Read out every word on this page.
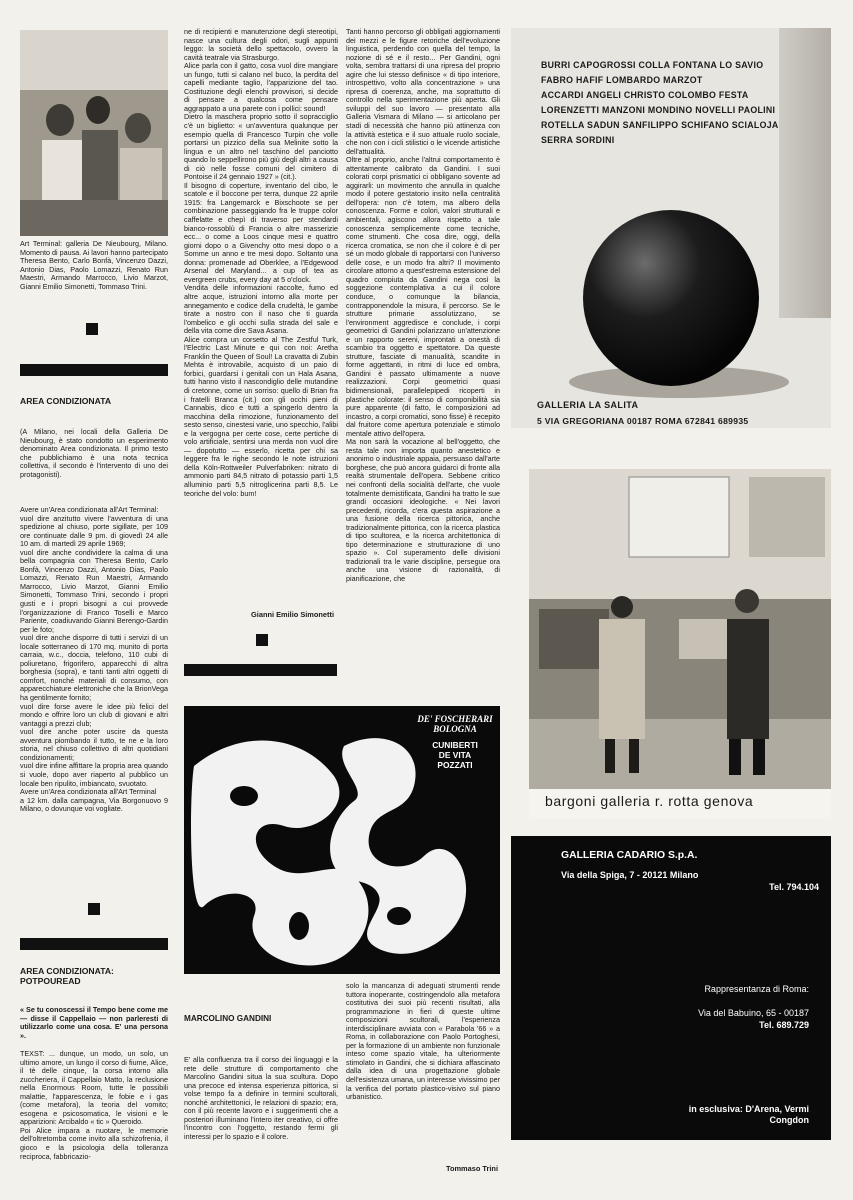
Art Terminal: galleria De Nieubourg, Milano. Momento di pausa. Ai lavori hanno partecipato Theresa Bento, Carlo Bonfà, Vincenzo Dazzi, Antonio Dias, Paolo Lomazzi, Renato Run Maestri, Armando Marrocco, Livio Marzot, Gianni Emilio Simonetti, Tommaso Trini.
AREA CONDIZIONATA
(A Milano, nei locali della Galleria De Nieubourg, è stato condotto un esperimento denominato Area condizionata. Il primo testo che pubblichiamo è una nota tecnica collettiva, il secondo è l'intervento di uno dei protagonisti).
Avere un'Area condizionata all'Art Terminal:
vuol dire anzitutto vivere l'avventura di una spedizione al chiuso, porte sigillate, per 109 ore continuate dalle 9 pm. di giovedì 24 alle 10 am. di martedì 29 aprile 1969;
vuol dire anche condividere la calma di una bella compagnia con Theresa Bento, Carlo Bonfà, Vincenzo Dazzi, Antonio Dias, Paolo Lomazzi, Renato Run Maestri, Armando Marrocco, Livio Marzot, Gianni Emilio Simonetti, Tommaso Trini, secondo i propri gusti e i propri bisogni a cui provvede l'organizzazione di Franco Toselli e Marco Pariente, coadiuvando Gianni Berengo-Gardin per le foto;
vuol dire anche disporre di tutti i servizi di un locale sotterraneo di 170 mq. munito di porta carraia, w.c., doccia, telefono, 110 cubi di poliuretano, frigorifero, apparecchi di altra borghesia (sopra), e tanti tanti altri oggetti di comfort, nonché materiali di consumo, con apparecchiature elettroniche che la BrionVega ha gentilmente fornito;
vuol dire forse avere le idee più felici del mondo e offrire loro un club di giovani e altri vantaggi a prezzi club;
vuol dire anche poter uscire da questa avventura piombando il tutto, te ne e la loro storia, nel chiuso collettivo di altri quotidiani condizionamenti;
vuol dire infine affittare la propria area quando si vuole, dopo aver riaperto al pubblico un locale ben ripulito, imbiancato, svuotato.
Avere un'Area condizionata all'Art Terminal
a 12 km. dalla campagna, Via Borgonuovo 9 Milano, o dovunque voi vogliate.
AREA CONDIZIONATA: POTPOUREAD
« Se tu conoscessi il Tempo bene come me — disse il Cappellaio — non parleresti di utilizzarlo come una cosa. E' una persona ».
TEXST: ... dunque, un modo, un solo, un ultimo amore, un lungo il corso di fiume, Alice, il tè delle cinque, la corsa intorno alla zuccheriera, il Cappellaio Matto, la reclusione nella Enormous Room, tutte le possibili malattie, l'apparescenza, le fobie e i gas (come metafora), la teoria del vomito; esogena e psicosomatica, le visioni e le apparizioni: Arcibaldo « tic » Queroido.
Poi Alice impara a nuotare, le memorie dell'oltretomba come invito alla schizofrenia, il gioco e la psicologia della tolleranza reciproca, fabbricazio-
ne di recipienti e manutenzione degli stereotipi, nasce una cultura degli odori, sugli appunti leggo: la società dello spettacolo, ovvero la cavità teatrale via Strasburgo.
Alice parla con il gatto, cosa vuol dire mangiare un fungo, tutti si calano nel buco, la perdita del capelli mediante taglio, l'apparizione del tao. Costituzione degli elenchi provvisori, si decide di pensare a qualcosa come pensare aggrappato a una parete con i pollici: sound!
Dietro la maschera proprio sotto il sopracciglio c'è un biglietto: « un'avventura qualunque per esempio quella di Francesco Turpin che volle portarsi un pizzico della sua Melinite sotto la lingua e un altro nel taschino del panciotto quando lo seppellirono più giù degli altri a causa di ciò nelle fosse comuni del cimitero di Pontoise il 24 gennaio 1927 » (cit.).
Il bisogno di coperture, inventario del cibo, le scatole e il boccone per terra, dunque 22 aprile 1915: fra Langemarck e Bixschoote se per combinazione passeggiando fra le truppe color caffelatte e chepì di traverso per stendardi bianco-rossoblù di Francia o altre masserizie ecc... o come a Loos cinque mesi e quattro giorni dopo o a Givenchy otto mesi dopo o a Somme un anno e tre mesi dopo. Soltanto una donna: promenade ad Oberklee, a l'Edgewood Arsenal del Maryland... a cup of tea as evergreen crubs, every day at 5 o'clock.
Vendita delle informazioni raccolte, fumo ed altre acque, istruzioni intorno alla morte per annegamento e codice della crudeltà, le gambe tirate a nostro con il naso che ti guarda l'ombelico e gli occhi sulla strada del sale e della vita come dire Sava Asana.
Alice compra un corsetto al The Zestful Turk, l'Electric Last Minute e qui con noi: Aretha Franklin the Queen of Soul! La cravatta di Zubin Mehta è introvabile, acquisto di un paio di forbici, guardarsi i genitali con un Hala Asana, tutti hanno visto il nascondiglio delle mutandine di cretonne, come un sorriso: quello di Brian fra i fratelli Branca (cit.) con gli occhi pieni di Cannabis, dico e tutti a spingerlo dentro la macchina della rimozione, funzionamento del sesto senso, cinestesi varie, uno specchio, l'alibi e la vergogna per certe cose, certe pertiche di volo artificiale, sentirsi una merda non vuol dire — dopotutto — esserlo, ricetta per chi sa leggere fra le righe secondo le note istruzioni della Köln-Rottweiler Pulverfabriken: nitrato di ammonio parti 84,5 nitrato di potassio parti 1,5 alluminio parti 5,5 nitroglicerina parti 8,5. Le teoriche del volo: bum!
Gianni Emilio Simonetti
DE' FOSCHERARI
BOLOGNA
CUNIBERTI
DE VITA
POZZATI
MARCOLINO GANDINI
E' alla confluenza tra il corso dei linguaggi e la rete delle strutture di comportamento che Marcolino Gandini situa la sua scultura. Dopo una precoce ed intensa esperienza pittorica, si volse tempo fa a definire in termini scultorali, nonché architettonici, le relazioni di spazio; era, con il più recente lavoro e i suggerimenti che a posteriori illuminano l'intero iter creativo, ci offre l'incontro con l'oggetto, restando fermi gli interessi per lo spazio e il colore.
Tanti hanno percorso gli obbligati aggiornamenti dei mezzi e le figure retoriche dell'evoluzione linguistica, perdendo con quella del tempo, la nozione di sé e il resto... Per Gandini, ogni volta, sembra trattarsi di una ripresa del proprio agire che lui stesso definisce « di tipo interiore, introspettivo, volto alla concentrazione » una ripresa di coerenza, anche, ma soprattutto di controllo nella sperimentazione più aperta. Gli sviluppi del suo lavoro — presentato alla Galleria Vismara di Milano — si articolano per stadi di necessità che hanno più attinenza con la attività estetica e il suo attuale ruolo sociale, che non con i cicli stilistici o le vicende artistiche dell'attualità.
Oltre al proprio, anche l'altrui comportamento è attentamente calibrato da Gandini. I suoi colorati corpi prismatici ci obbligano sovente ad aggirarli: un movimento che annulla in qualche modo il potere gestatorio insito nella centralità dell'opera: non c'è totem, ma albero della conoscenza. Forme e colori, valori strutturali e ambientali, agiscono allora rispetto a tale conoscenza semplicemente come tecniche, come strumenti. Che cosa dire, oggi, della ricerca cromatica, se non che il colore è di per sé un modo globale di rapportarsi con l'universo delle cose, e un modo fra altri? Il movimento circolare attorno a quest'estrema estensione del quadro compiuta da Gandini nega così la soggezione contemplativa a cui il colore conduce, o comunque la bilancia, contrapponendole la misura, il percorso. Se le strutture primarie assolutizzano, se l'environment aggredisce e conclude, i corpi geometrici di Gandini polarizzano un'attenzione e un rapporto sereni, improntati a onestà di scambio tra oggetto e spettatore. Da queste strutture, fasciate di manualità, scandite in forme aggettanti, in ritmi di luce ed ombra, Gandini è passato ultimamente a nuove realizzazioni. Corpi geometrici quasi bidimensionali, parallelepipedi ricoperti in plastiche colorate: il senso di componibilità sia pure apparente (di fatto, le composizioni ad incastro, a corpi cromatici, sono fisse) è recepito dal fruitore come apertura potenziale e stimolo mentale attivo dell'opera.
Ma non sarà la vocazione al bell'oggetto, che resta tale non importa quanto anestetico e anonimo o industriale appaia, persuaso dall'arte borghese, che può ancora guidarci di fronte alla realtà strumentale dell'opera. Sebbene critico nei confronti della socialità dell'arte, che vuole totalmente demistificata, Gandini ha tratto le sue grandi occasioni ideologiche. « Nei lavori precedenti, ricorda, c'era questa aspirazione a una fusione della ricerca pittorica, anche tradizionalmente pittorica, con la ricerca plastica di tipo scultorea, e la ricerca architettonica di tipo determinazione e strutturazione di uno spazio ». Col superamento delle divisioni tradizionali tra le varie discipline, persegue ora anche una visione di razionalità, di pianificazione, che
solo la mancanza di adeguati strumenti rende tuttora inoperante, costringendolo alla metafora costitutiva dei suoi più recenti risultati, alla programmazione in fieri di queste ultime composizioni scultorali, l'esperienza interdisciplinare avviata con « Parabola '66 » a Roma, in collaborazione con Paolo Portoghesi, per la formazione di un ambiente non funzionale inteso come spazio vitale, ha ulteriormente stimolato in Gandini, che si dichiara affascinato dalla idea di una progettazione globale dell'esistenza umana, un interesse vivissimo per la verifica del portato plastico-visivo sul piano urbanistico.
Tommaso Trini
BURRI CAPOGROSSI COLLA FONTANA LO SAVIO
FABRO HAFIF LOMBARDO MARZOT
ACCARDI ANGELI CHRISTO COLOMBO FESTA
LORENZETTI MANZONI MONDINO NOVELLI PAOLINI
ROTELLA SADUN SANFILIPPO SCHIFANO SCIALOJA
SERRA SORDINI
GALLERIA LA SALITA
5 VIA GREGORIANA 00187 ROMA 672841 689935
bargoni galleria r. rotta genova
GALLERIA CADARIO S.p.A.
Via della Spiga, 7 - 20121 Milano
Tel. 794.104
Rappresentanza di Roma:
Via del Babuino, 65 - 00187
Tel. 689.729
in esclusiva: D'Arena, Vermi
Congdon
